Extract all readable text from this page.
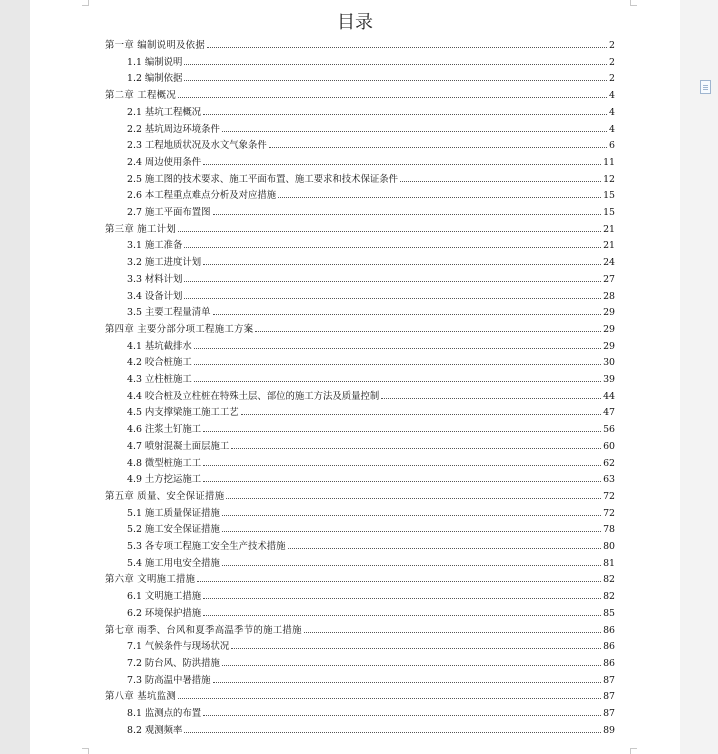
目录
第一章 编制说明及依据	2
1.1 编制说明	2
1.2 编制依据	2
第二章 工程概况	4
2.1 基坑工程概况	4
2.2 基坑周边环境条件	4
2.3 工程地质状况及水文气象条件	6
2.4 周边使用条件	11
2.5 施工图的技术要求、施工平面布置、施工要求和技术保证条件	12
2.6 本工程重点难点分析及对应措施	15
2.7 施工平面布置图	15
第三章 施工计划	21
3.1 施工准备	21
3.2 施工进度计划	24
3.3 材料计划	27
3.4 设备计划	28
3.5 主要工程量清单	29
第四章 主要分部分项工程施工方案	29
4.1 基坑截排水	29
4.2 咬合桩施工	30
4.3 立柱桩施工	39
4.4 咬合桩及立柱桩在特殊土层、部位的施工方法及质量控制	44
4.5 内支撑梁施工施工工艺	47
4.6 注浆土钉施工	56
4.7 喷射混凝土面层施工	60
4.8 微型桩施工工	62
4.9 土方挖运施工	63
第五章 质量、安全保证措施	72
5.1 施工质量保证措施	72
5.2 施工安全保证措施	78
5.3 各专项工程施工安全生产技术措施	80
5.4 施工用电安全措施	81
第六章 文明施工措施	82
6.1 文明施工措施	82
6.2 环境保护措施	85
第七章 雨季、台风和夏季高温季节的施工措施	86
7.1 气候条件与现场状况	86
7.2 防台风、防洪措施	86
7.3 防高温中暑措施	87
第八章 基坑监测	87
8.1 监测点的布置	87
8.2 观测频率	89
